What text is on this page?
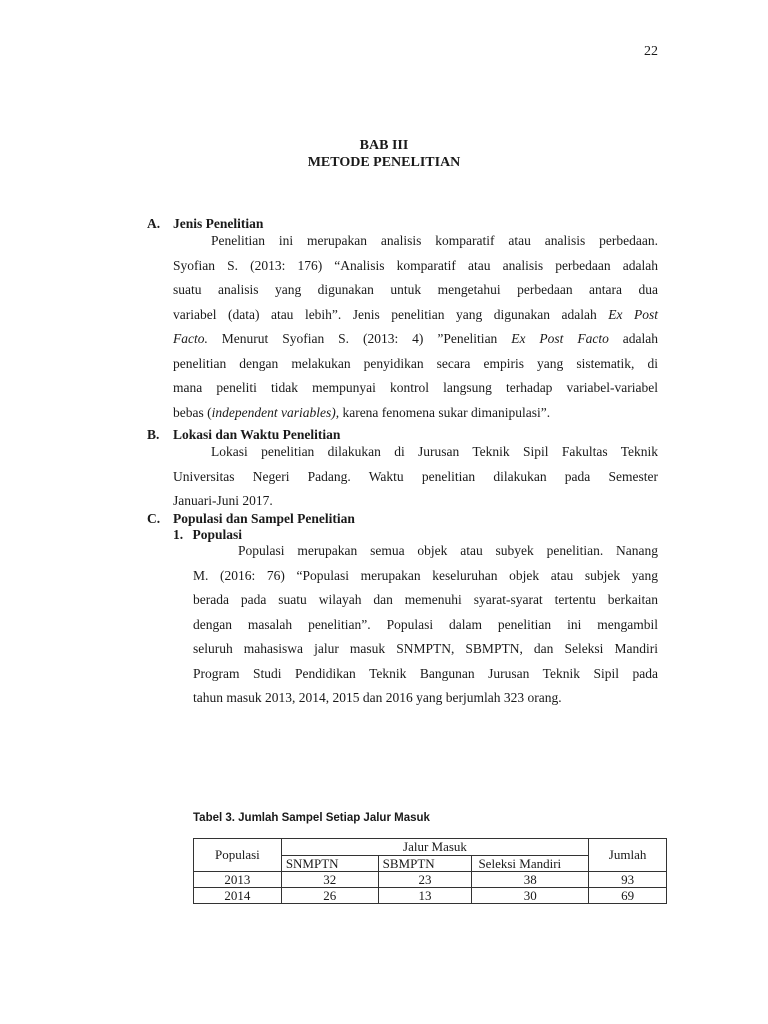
22
BAB III
METODE PENELITIAN
A. Jenis Penelitian
Penelitian ini merupakan analisis komparatif atau analisis perbedaan.
Syofian S. (2013: 176) “Analisis komparatif atau analisis perbedaan adalah
suatu analisis yang digunakan untuk mengetahui perbedaan antara dua
variabel (data) atau lebih”. Jenis penelitian yang digunakan adalah Ex Post
Facto. Menurut Syofian S. (2013: 4) ”Penelitian Ex Post Facto adalah
penelitian dengan melakukan penyidikan secara empiris yang sistematik, di
mana peneliti tidak mempunyai kontrol langsung terhadap variabel-variabel
bebas (independent variables), karena fenomena sukar dimanipulasi”.
B. Lokasi dan Waktu Penelitian
Lokasi penelitian dilakukan di Jurusan Teknik Sipil Fakultas Teknik
Universitas Negeri Padang. Waktu penelitian dilakukan pada Semester
Januari-Juni 2017.
C. Populasi dan Sampel Penelitian
1. Populasi
Populasi merupakan semua objek atau subyek penelitian. Nanang
M. (2016: 76) “Populasi merupakan keseluruhan objek atau subjek yang
berada pada suatu wilayah dan memenuhi syarat-syarat tertentu berkaitan
dengan masalah penelitian”. Populasi dalam penelitian ini mengambil
seluruh mahasiswa jalur masuk SNMPTN, SBMPTN, dan Seleksi Mandiri
Program Studi Pendidikan Teknik Bangunan Jurusan Teknik Sipil pada
tahun masuk 2013, 2014, 2015 dan 2016 yang berjumlah 323 orang.
Tabel 3. Jumlah Sampel Setiap Jalur Masuk
Populasi	Jalur Masuk			Jumlah
	SNMPTN	SBMPTN	Seleksi Mandiri	
2013	32	23	38	93
2014	26	13	30	69
